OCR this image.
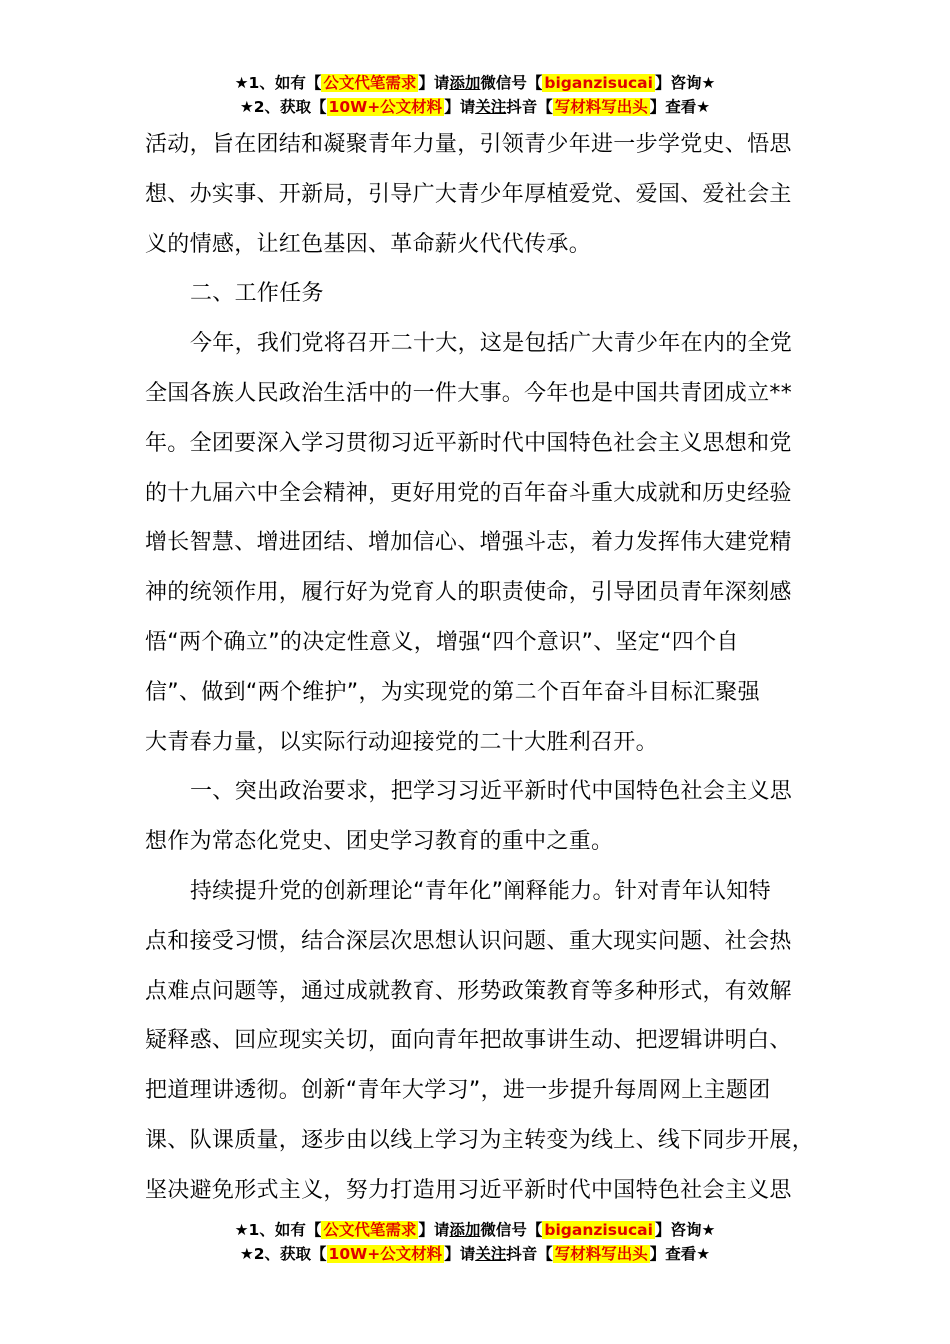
★1、如有【 公文代笔需求 】请添加微信号【 biganzisucai 】咨询★
★2、获取【 10W+公文材料 】请关注抖音【 写材料写出头 】查看★

活动，旨在团结和凝聚青年力量，引领青少年进一步学党史、悟思
想、办实事、开新局，引导广大青少年厚植爱党、爱国、爱社会主
义的情感，让红色基因、革命薪火代代传承。

二、工作任务

今年，我们党将召开二十大，这是包括广大青少年在内的全党
全国各族人民政治生活中的一件大事。今年也是中国共青团成立**
年。全团要深入学习贯彻习近平新时代中国特色社会主义思想和党
的十九届六中全会精神，更好用党的百年奋斗重大成就和历史经验
增长智慧、增进团结、增加信心、增强斗志，着力发挥伟大建党精
神的统领作用，履行好为党育人的职责使命，引导团员青年深刻感
悟“两个确立”的决定性意义，增强“四个意识”、坚定“四个自
信”、做到“两个维护”，为实现党的第二个百年奋斗目标汇聚强
大青春力量，以实际行动迎接党的二十大胜利召开。

一、突出政治要求，把学习习近平新时代中国特色社会主义思
想作为常态化党史、团史学习教育的重中之重。

持续提升党的创新理论“青年化”阐释能力。针对青年认知特
点和接受习惯，结合深层次思想认识问题、重大现实问题、社会热
点难点问题等，通过成就教育、形势政策教育等多种形式，有效解
疑释惑、回应现实关切，面向青年把故事讲生动、把逻辑讲明白、
把道理讲透彻。创新“青年大学习”，进一步提升每周网上主题团
课、队课质量，逐步由以线上学习为主转变为线上、线下同步开展，
坚决避免形式主义，努力打造用习近平新时代中国特色社会主义思

★1、如有【 公文代笔需求 】请添加微信号【 biganzisucai 】咨询★
★2、获取【 10W+公文材料 】请关注抖音【 写材料写出头 】查看★
